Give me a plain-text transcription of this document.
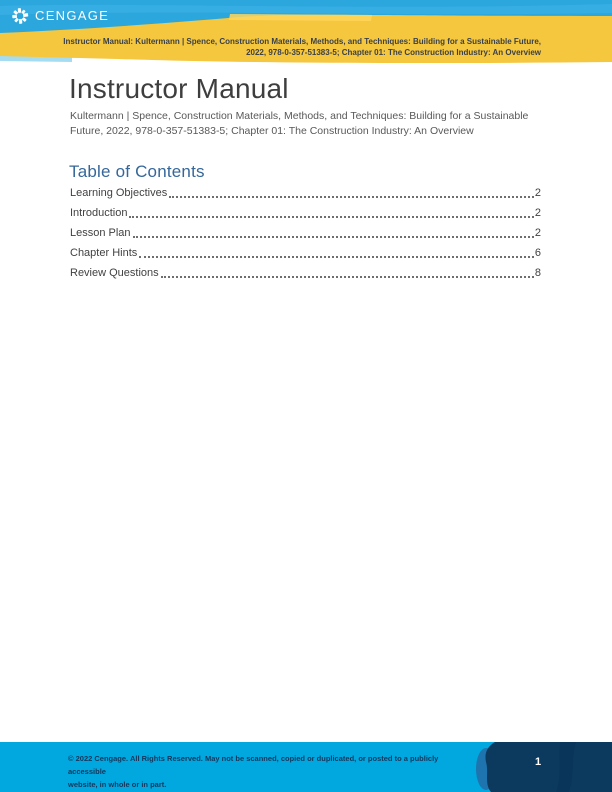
CENGAGE
Instructor Manual: Kultermann | Spence, Construction Materials, Methods, and Techniques: Building for a Sustainable Future,
2022, 978-0-357-51383-5; Chapter 01: The Construction Industry: An Overview
Instructor Manual

Kultermann | Spence, Construction Materials, Methods, and Techniques: Building for a Sustainable Future, 2022, 978-0-357-51383-5; Chapter 01: The Construction Industry: An Overview

Table of Contents
Learning Objectives	2
Introduction	2
Lesson Plan	2
Chapter Hints	6
Review Questions	8
© 2022 Cengage. All Rights Reserved. May not be scanned, copied or duplicated, or posted to a publicly accessible
website, in whole or in part.
1
